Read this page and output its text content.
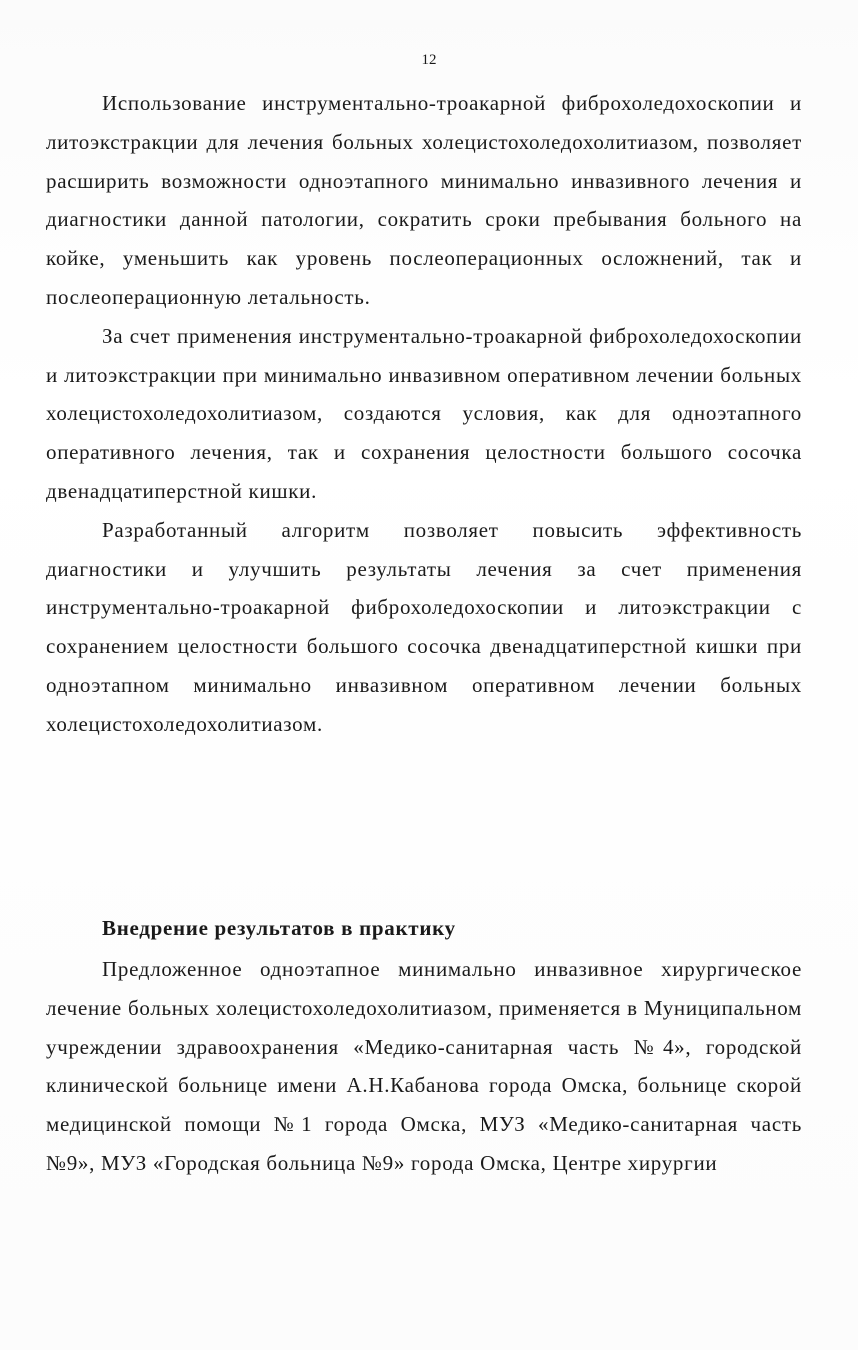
12

Использование инструментально-троакарной фиброхоледохоскопии и литоэкстракции для лечения больных холецистохоледохолитиазом, позволяет расширить возможности одноэтапного минимально инвазивного лечения и диагностики данной патологии, сократить сроки пребывания больного на койке, уменьшить как уровень послеоперационных осложнений, так и послеоперационную летальность.

За счет применения инструментально-троакарной фиброхоледохоскопии и литоэкстракции при минимально инвазивном оперативном лечении больных холецистохоледохолитиазом, создаются условия, как для одноэтапного оперативного лечения, так и сохранения целостности большого сосочка двенадцатиперстной кишки.

Разработанный алгоритм позволяет повысить эффективность диагностики и улучшить результаты лечения за счет применения инструментально-троакарной фиброхоледохоскопии и литоэкстракции с сохранением целостности большого сосочка двенадцатиперстной кишки при одноэтапном минимально инвазивном оперативном лечении больных холецистохоледохолитиазом.

Внедрение результатов в практику

Предложенное одноэтапное минимально инвазивное хирургическое лечение больных холецистохоледохолитиазом, применяется в Муниципальном учреждении здравоохранения «Медико-санитарная часть №4», городской клинической больнице имени А.Н.Кабанова города Омска, больнице скорой медицинской помощи №1 города Омска, МУЗ «Медико-санитарная часть №9», МУЗ «Городская больница №9» города Омска, Центре хирургии
